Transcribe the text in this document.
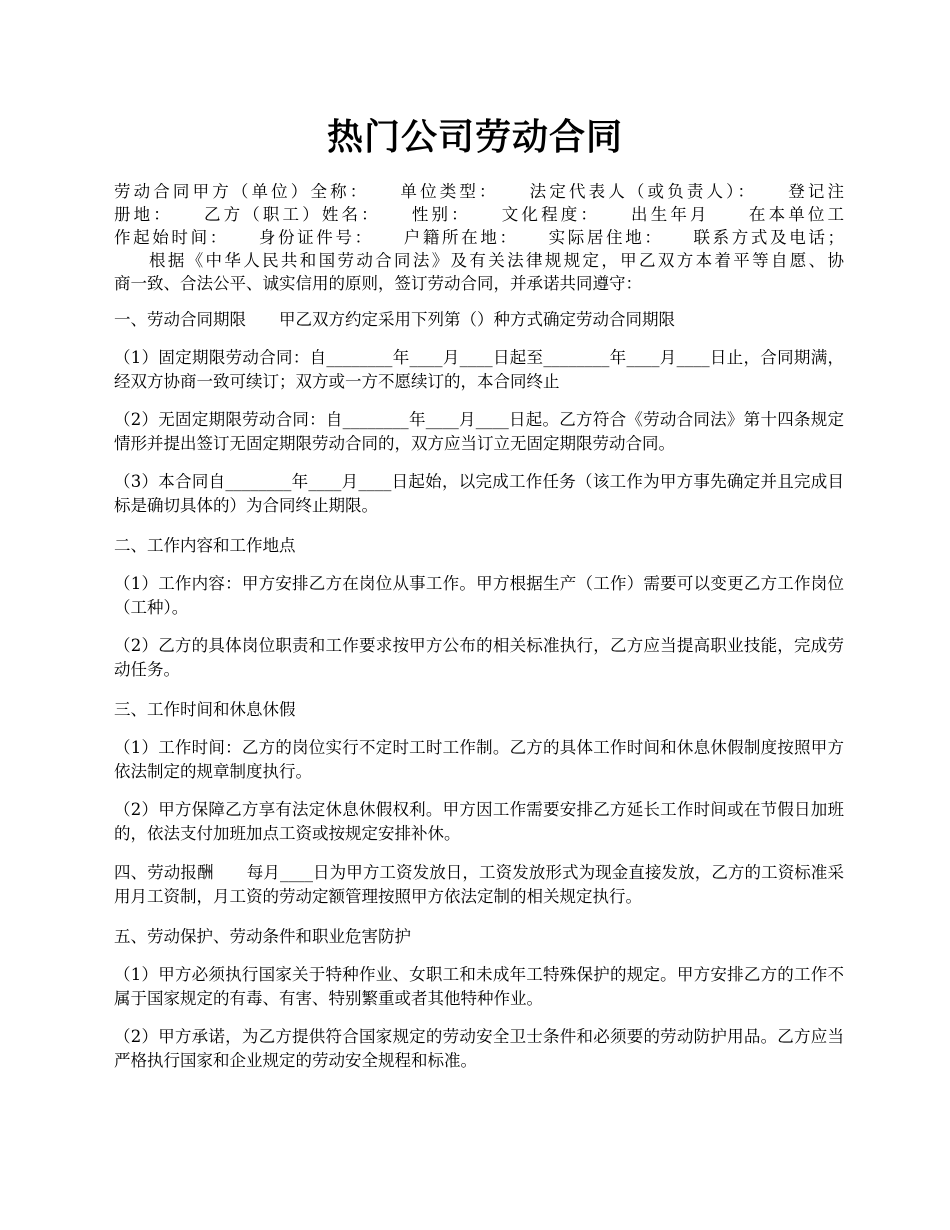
热门公司劳动合同
劳动合同甲方（单位）全称：　　单位类型：　　法定代表人（或负责人）：　　登记注
册地：　　乙方（职工）姓名：　　性别：　　文化程度：　　出生年月　　在本单位工
作起始时间：　　身份证件号：　　户籍所在地：　　实际居住地：　　联系方式及电话；
根据《中华人民共和国劳动合同法》及有关法律规规定，甲乙双方本着平等自愿、协
商一致、合法公平、诚实信用的原则，签订劳动合同，并承诺共同遵守：
一、劳动合同期限　　甲乙双方约定采用下列第（）种方式确定劳动合同期限
（1）固定期限劳动合同：自________年____月____日起至________年____月____日止，合同期满，经双方协商一致可续订；双方或一方不愿续订的，本合同终止
（2）无固定期限劳动合同：自________年____月____日起。乙方符合《劳动合同法》第十四条规定情形并提出签订无固定期限劳动合同的，双方应当订立无固定期限劳动合同。
（3）本合同自________年____月____日起始，以完成工作任务（该工作为甲方事先确定并且完成目标是确切具体的）为合同终止期限。
二、工作内容和工作地点
（1）工作内容：甲方安排乙方在岗位从事工作。甲方根据生产（工作）需要可以变更乙方工作岗位（工种）。
（2）乙方的具体岗位职责和工作要求按甲方公布的相关标准执行，乙方应当提高职业技能，完成劳动任务。
三、工作时间和休息休假
（1）工作时间：乙方的岗位实行不定时工时工作制。乙方的具体工作时间和休息休假制度按照甲方依法制定的规章制度执行。
（2）甲方保障乙方享有法定休息休假权利。甲方因工作需要安排乙方延长工作时间或在节假日加班的，依法支付加班加点工资或按规定安排补休。
四、劳动报酬　　每月____日为甲方工资发放日，工资发放形式为现金直接发放，乙方的工资标准采用月工资制，月工资的劳动定额管理按照甲方依法定制的相关规定执行。
五、劳动保护、劳动条件和职业危害防护
（1）甲方必须执行国家关于特种作业、女职工和未成年工特殊保护的规定。甲方安排乙方的工作不属于国家规定的有毒、有害、特别繁重或者其他特种作业。
（2）甲方承诺，为乙方提供符合国家规定的劳动安全卫士条件和必须要的劳动防护用品。乙方应当严格执行国家和企业规定的劳动安全规程和标准。
